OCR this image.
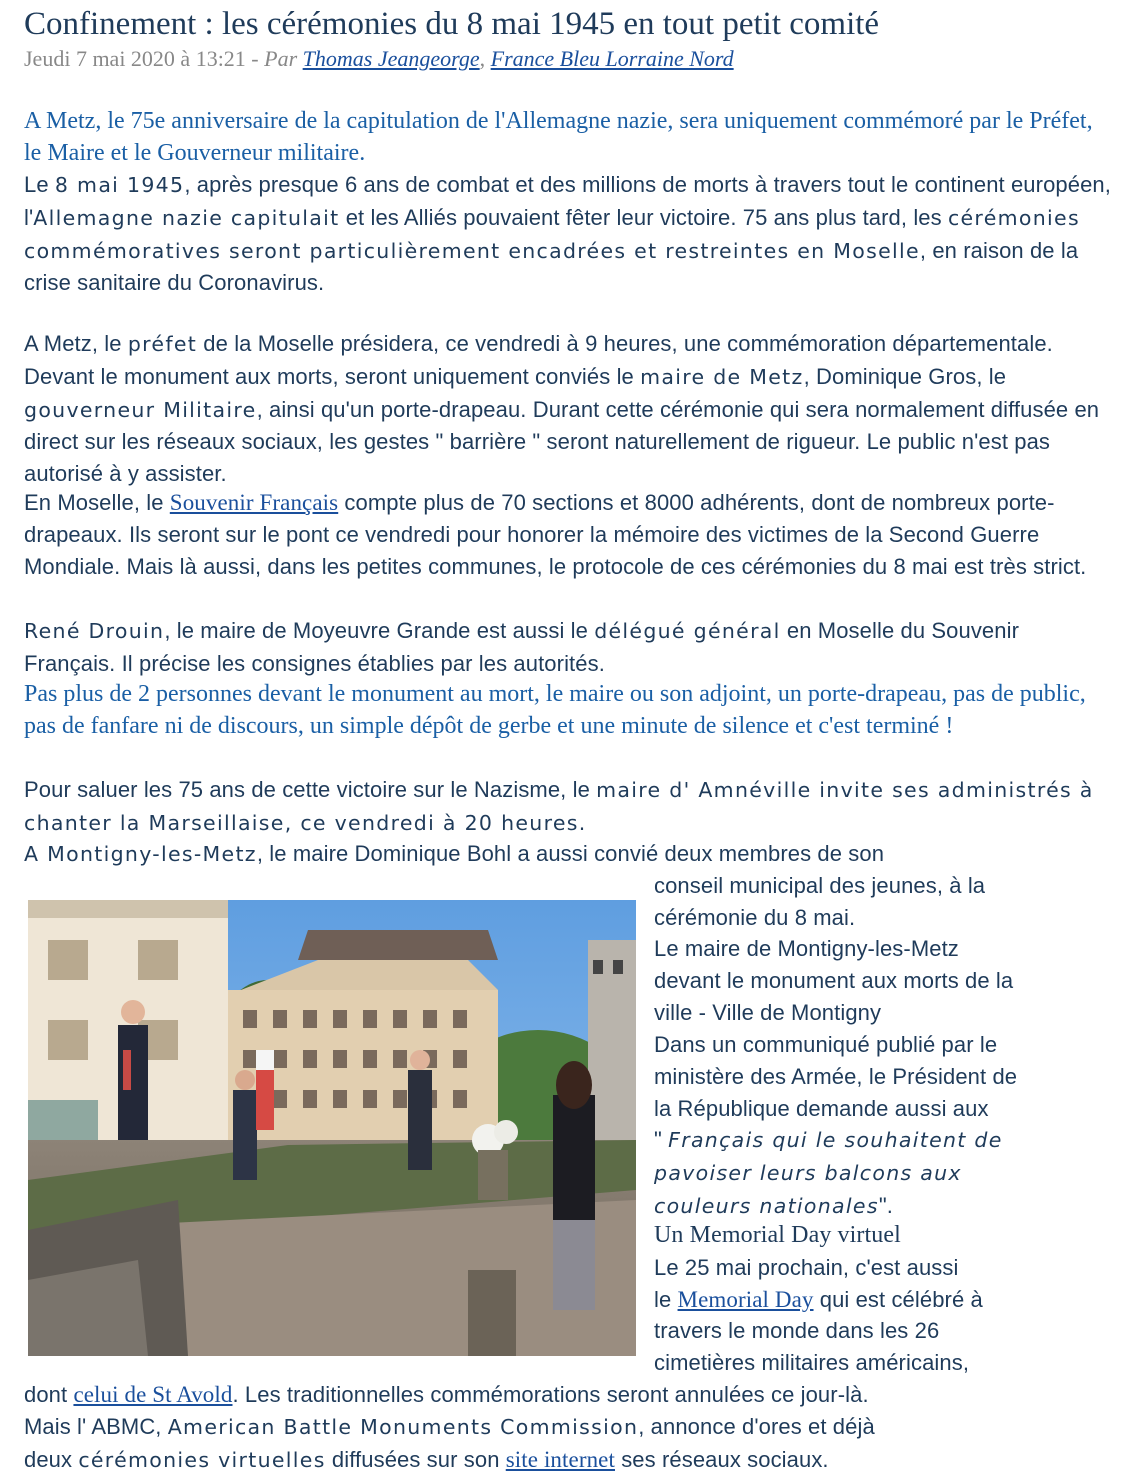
Confinement : les cérémonies du 8 mai 1945 en tout petit comité
Jeudi 7 mai 2020 à 13:21 - Par Thomas Jeangeorge, France Bleu Lorraine Nord

A Metz, le 75e anniversaire de la capitulation de l'Allemagne nazie, sera uniquement commémoré par le Préfet, le Maire et le Gouverneur militaire.

Le 8 mai 1945, après presque 6 ans de combat et des millions de morts à travers tout le continent européen, l'Allemagne nazie capitulait et les Alliés pouvaient fêter leur victoire. 75 ans plus tard, les cérémonies commémoratives seront particulièrement encadrées et restreintes en Moselle, en raison de la crise sanitaire du Coronavirus.

A Metz, le préfet de la Moselle présidera, ce vendredi à 9 heures, une commémoration départementale. Devant le monument aux morts, seront uniquement conviés le maire de Metz, Dominique Gros, le gouverneur Militaire, ainsi qu'un porte-drapeau. Durant cette cérémonie qui sera normalement diffusée en direct sur les réseaux sociaux, les gestes " barrière " seront naturellement de rigueur. Le public n'est pas autorisé à y assister.

En Moselle, le Souvenir Français compte plus de 70 sections et 8000 adhérents, dont de nombreux porte-drapeaux. Ils seront sur le pont ce vendredi pour honorer la mémoire des victimes de la Second Guerre Mondiale. Mais là aussi, dans les petites communes, le protocole de ces cérémonies du 8 mai est très strict.

René Drouin, le maire de Moyeuvre Grande est aussi le délégué général en Moselle du Souvenir Français. Il précise les consignes établies par les autorités.

Pas plus de 2 personnes devant le monument au mort, le maire ou son adjoint, un porte-drapeau, pas de public, pas de fanfare ni de discours, un simple dépôt de gerbe et une minute de silence et c'est terminé !

Pour saluer les 75 ans de cette victoire sur le Nazisme, le maire d' Amnéville invite ses administrés à chanter la Marseillaise, ce vendredi à 20 heures.

A Montigny-les-Metz, le maire Dominique Bohl a aussi convié deux membres de son

conseil municipal des jeunes, à la
cérémonie du 8 mai.
Le maire de Montigny-les-Metz
devant le monument aux morts de la
ville - Ville de Montigny
Dans un communiqué publié par le
ministère des Armée, le Président de
la République demande aussi aux
" Français qui le souhaitent de
pavoiser leurs balcons aux
couleurs nationales".
Un Memorial Day virtuel
Le 25 mai prochain, c'est aussi
le Memorial Day qui est célébré à
travers le monde dans les 26
cimetières militaires américains,
dont celui de St Avold. Les traditionnelles commémorations seront annulées ce jour-là.
Mais l' ABMC, American Battle Monuments Commission, annonce d'ores et déjà
deux cérémonies virtuelles diffusées sur son site internet ses réseaux sociaux.
